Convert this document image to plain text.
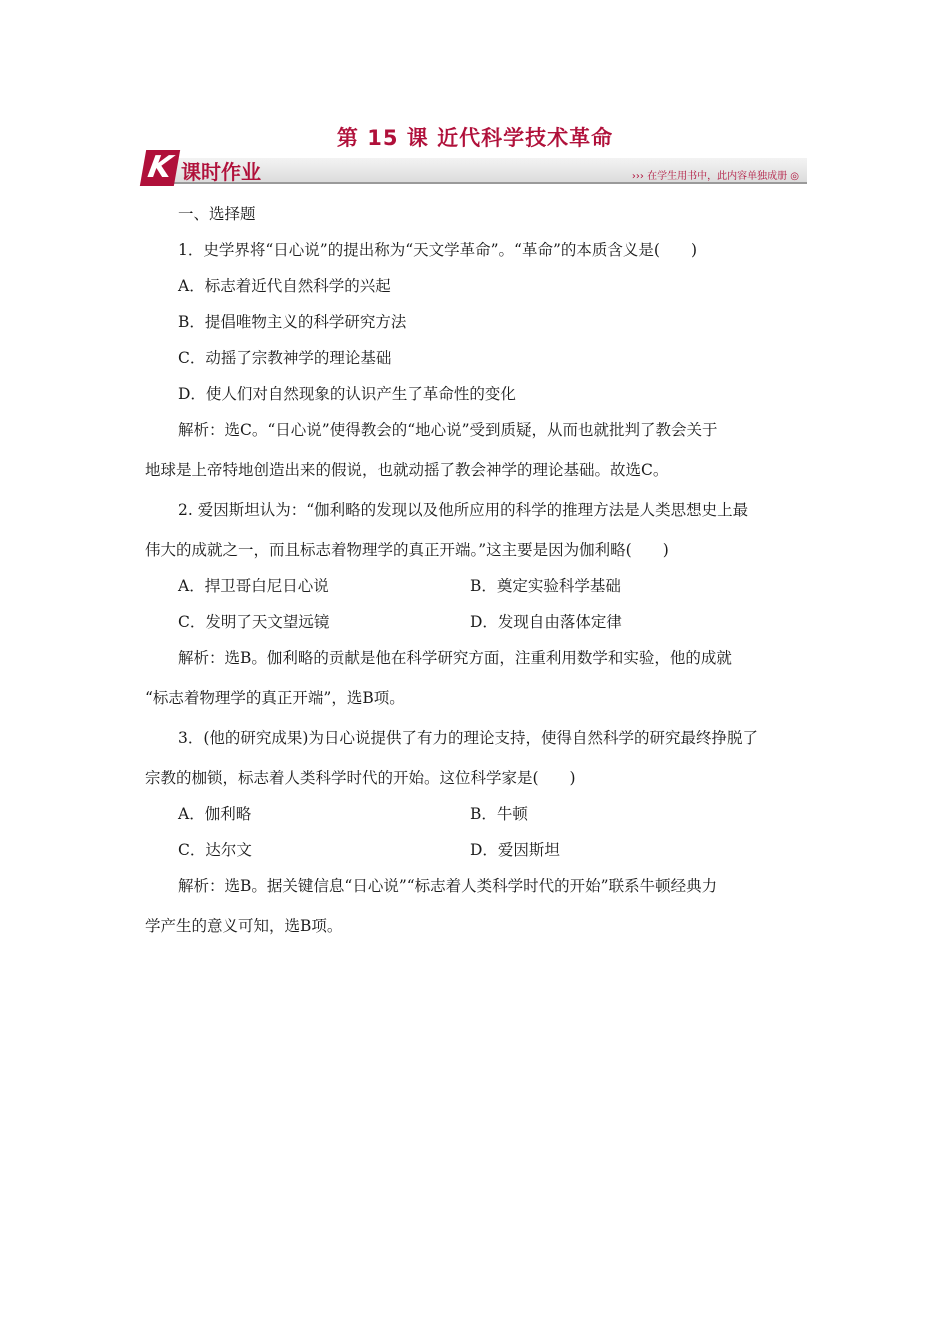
第 15 课 近代科学技术革命
K 课时作业	››› 在学生用书中，此内容单独成册 ◎
一、选择题
1．史学界将“日心说”的提出称为“天文学革命”。“革命”的本质含义是(　　)
A．标志着近代自然科学的兴起
B．提倡唯物主义的科学研究方法
C．动摇了宗教神学的理论基础
D．使人们对自然现象的认识产生了革命性的变化
解析：选C。“日心说”使得教会的“地心说”受到质疑，从而也就批判了教会关于
地球是上帝特地创造出来的假说，也就动摇了教会神学的理论基础。故选C。
2. 爱因斯坦认为：“伽利略的发现以及他所应用的科学的推理方法是人类思想史上最
伟大的成就之一，而且标志着物理学的真正开端。”这主要是因为伽利略(　　)
A．捍卫哥白尼日心说	B．奠定实验科学基础
C．发明了天文望远镜	D．发现自由落体定律
解析：选B。伽利略的贡献是他在科学研究方面，注重利用数学和实验，他的成就
“标志着物理学的真正开端”，选B项。
3．(他的研究成果)为日心说提供了有力的理论支持，使得自然科学的研究最终挣脱了
宗教的枷锁，标志着人类科学时代的开始。这位科学家是(　　)
A．伽利略	B．牛顿
C．达尔文	D．爱因斯坦
解析：选B。据关键信息“日心说”“标志着人类科学时代的开始”联系牛顿经典力
学产生的意义可知，选B项。
